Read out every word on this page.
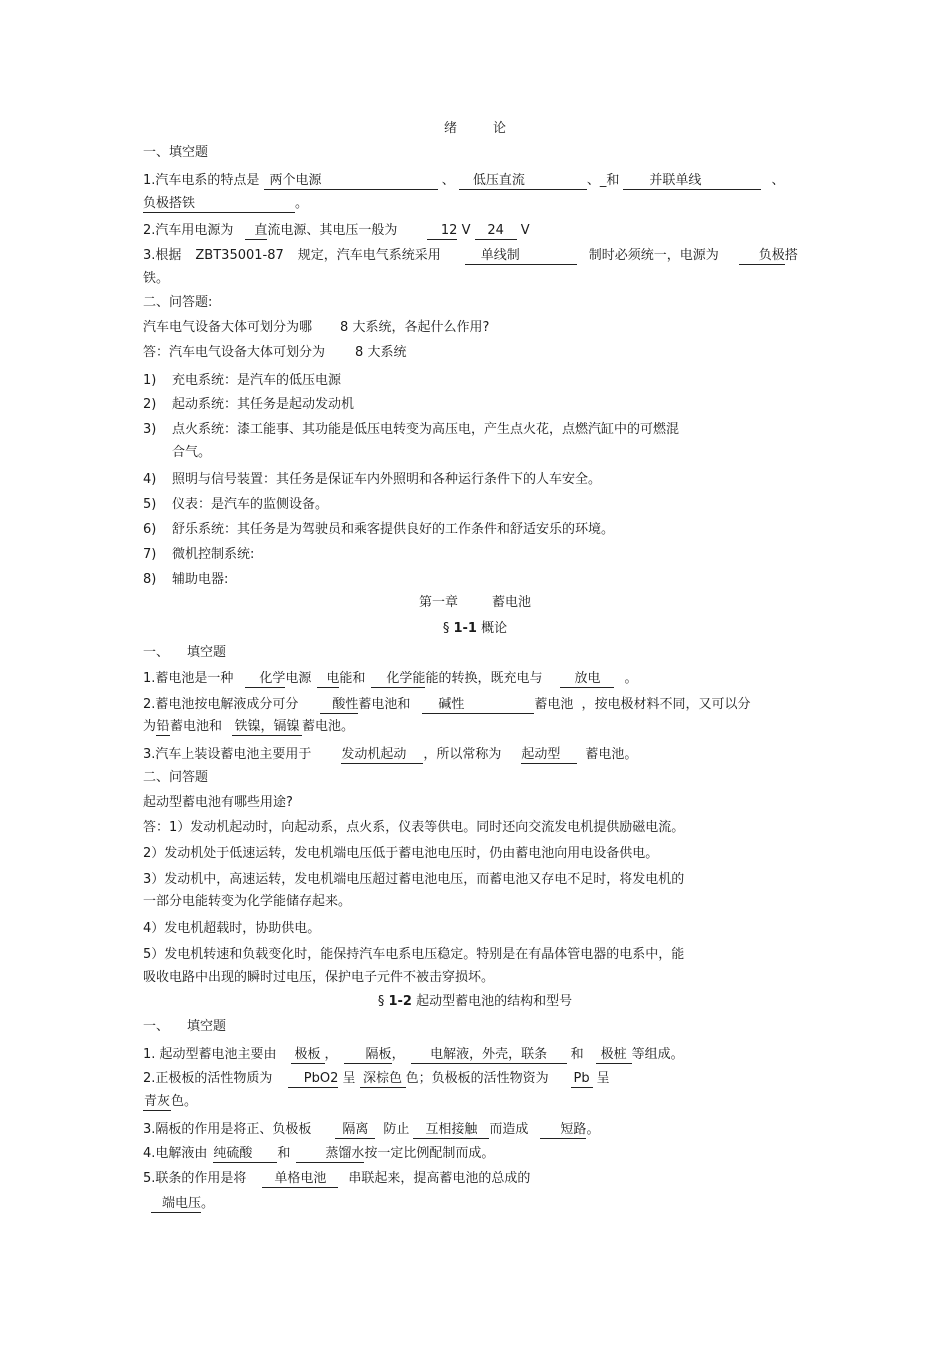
绪	论
一、填空题
1.汽车电系的特点是 两个电源	、 低压直流	、_和 并联单线	、
负极搭铁	。
2.汽车用电源为 直流电源、其电压一般为	12 V 24 V
3.根据 ZBT35001-87 规定，汽车电气系统采用	单线制	制时必须统一，电源为	负极搭
铁。
二、问答题:
汽车电气设备大体可划分为哪 8 大系统，各起什么作用?
答：汽车电气设备大体可划分为 8 大系统
1) 充电系统：是汽车的低压电源
2) 起动系统：其任务是起动发动机
3) 点火系统：漆工能事、其功能是低压电转变为高压电，产生点火花，点燃汽缸中的可燃混
合气。
4) 照明与信号装置：其任务是保证车内外照明和各种运行条件下的人车安全。
5) 仪表：是汽车的监侧设备。
6) 舒乐系统：其任务是为驾驶员和乘客提供良好的工作条件和舒适安乐的环境。
7) 微机控制系统:
8) 辅助电器:
第一章	蓄电池
§ 1-1 概论
一、 填空题
1.蓄电池是一种 化学电源 电能和 化学能能的转换，既充电与 放电 。
2.蓄电池按电解液成分可分	酸性蓄电池和 碱性	蓄电池 ，按电极材料不同，又可以分
为铅蓄电池和 铁镍，镉镍 蓄电池。
3.汽车上装设蓄电池主要用于 发动机起动 ，所以常称为 起动型 蓄电池。
二、问答题
起动型蓄电池有哪些用途?
答：1）发动机起动时，向起动系，点火系，仪表等供电。同时还向交流发电机提供励磁电流。
2）发动机处于低速运转，发电机端电压低于蓄电池电压时，仍由蓄电池向用电设备供电。
3）发动机中，高速运转，发电机端电压超过蓄电池电压，而蓄电池又存电不足时，将发电机的
一部分电能转变为化学能储存起来。
4）发电机超载时，协助供电。
5）发电机转速和负载变化时，能保持汽车电系电压稳定。特别是在有晶体管电器的电系中，能
吸收电路中出现的瞬时过电压，保护电子元件不被击穿损坏。
§ 1-2 起动型蓄电池的结构和型号
一、 填空题
1. 起动型蓄电池主要由 极板 ， 隔板， 电解液，外壳，联条 和 极桩 等组成。
2.正极板的活性物质为 PbO2 呈 深棕色 色；负极板的活性物资为 Pb 呈
青灰色。
3.隔板的作用是将正、负极板 隔离 防止 互相接触 而造成 短路。
4.电解液由 纯硫酸 和	蒸馏水按一定比例配制而成。
5.联条的作用是将 单格电池 串联起来，提高蓄电池的总成的
端电压。
